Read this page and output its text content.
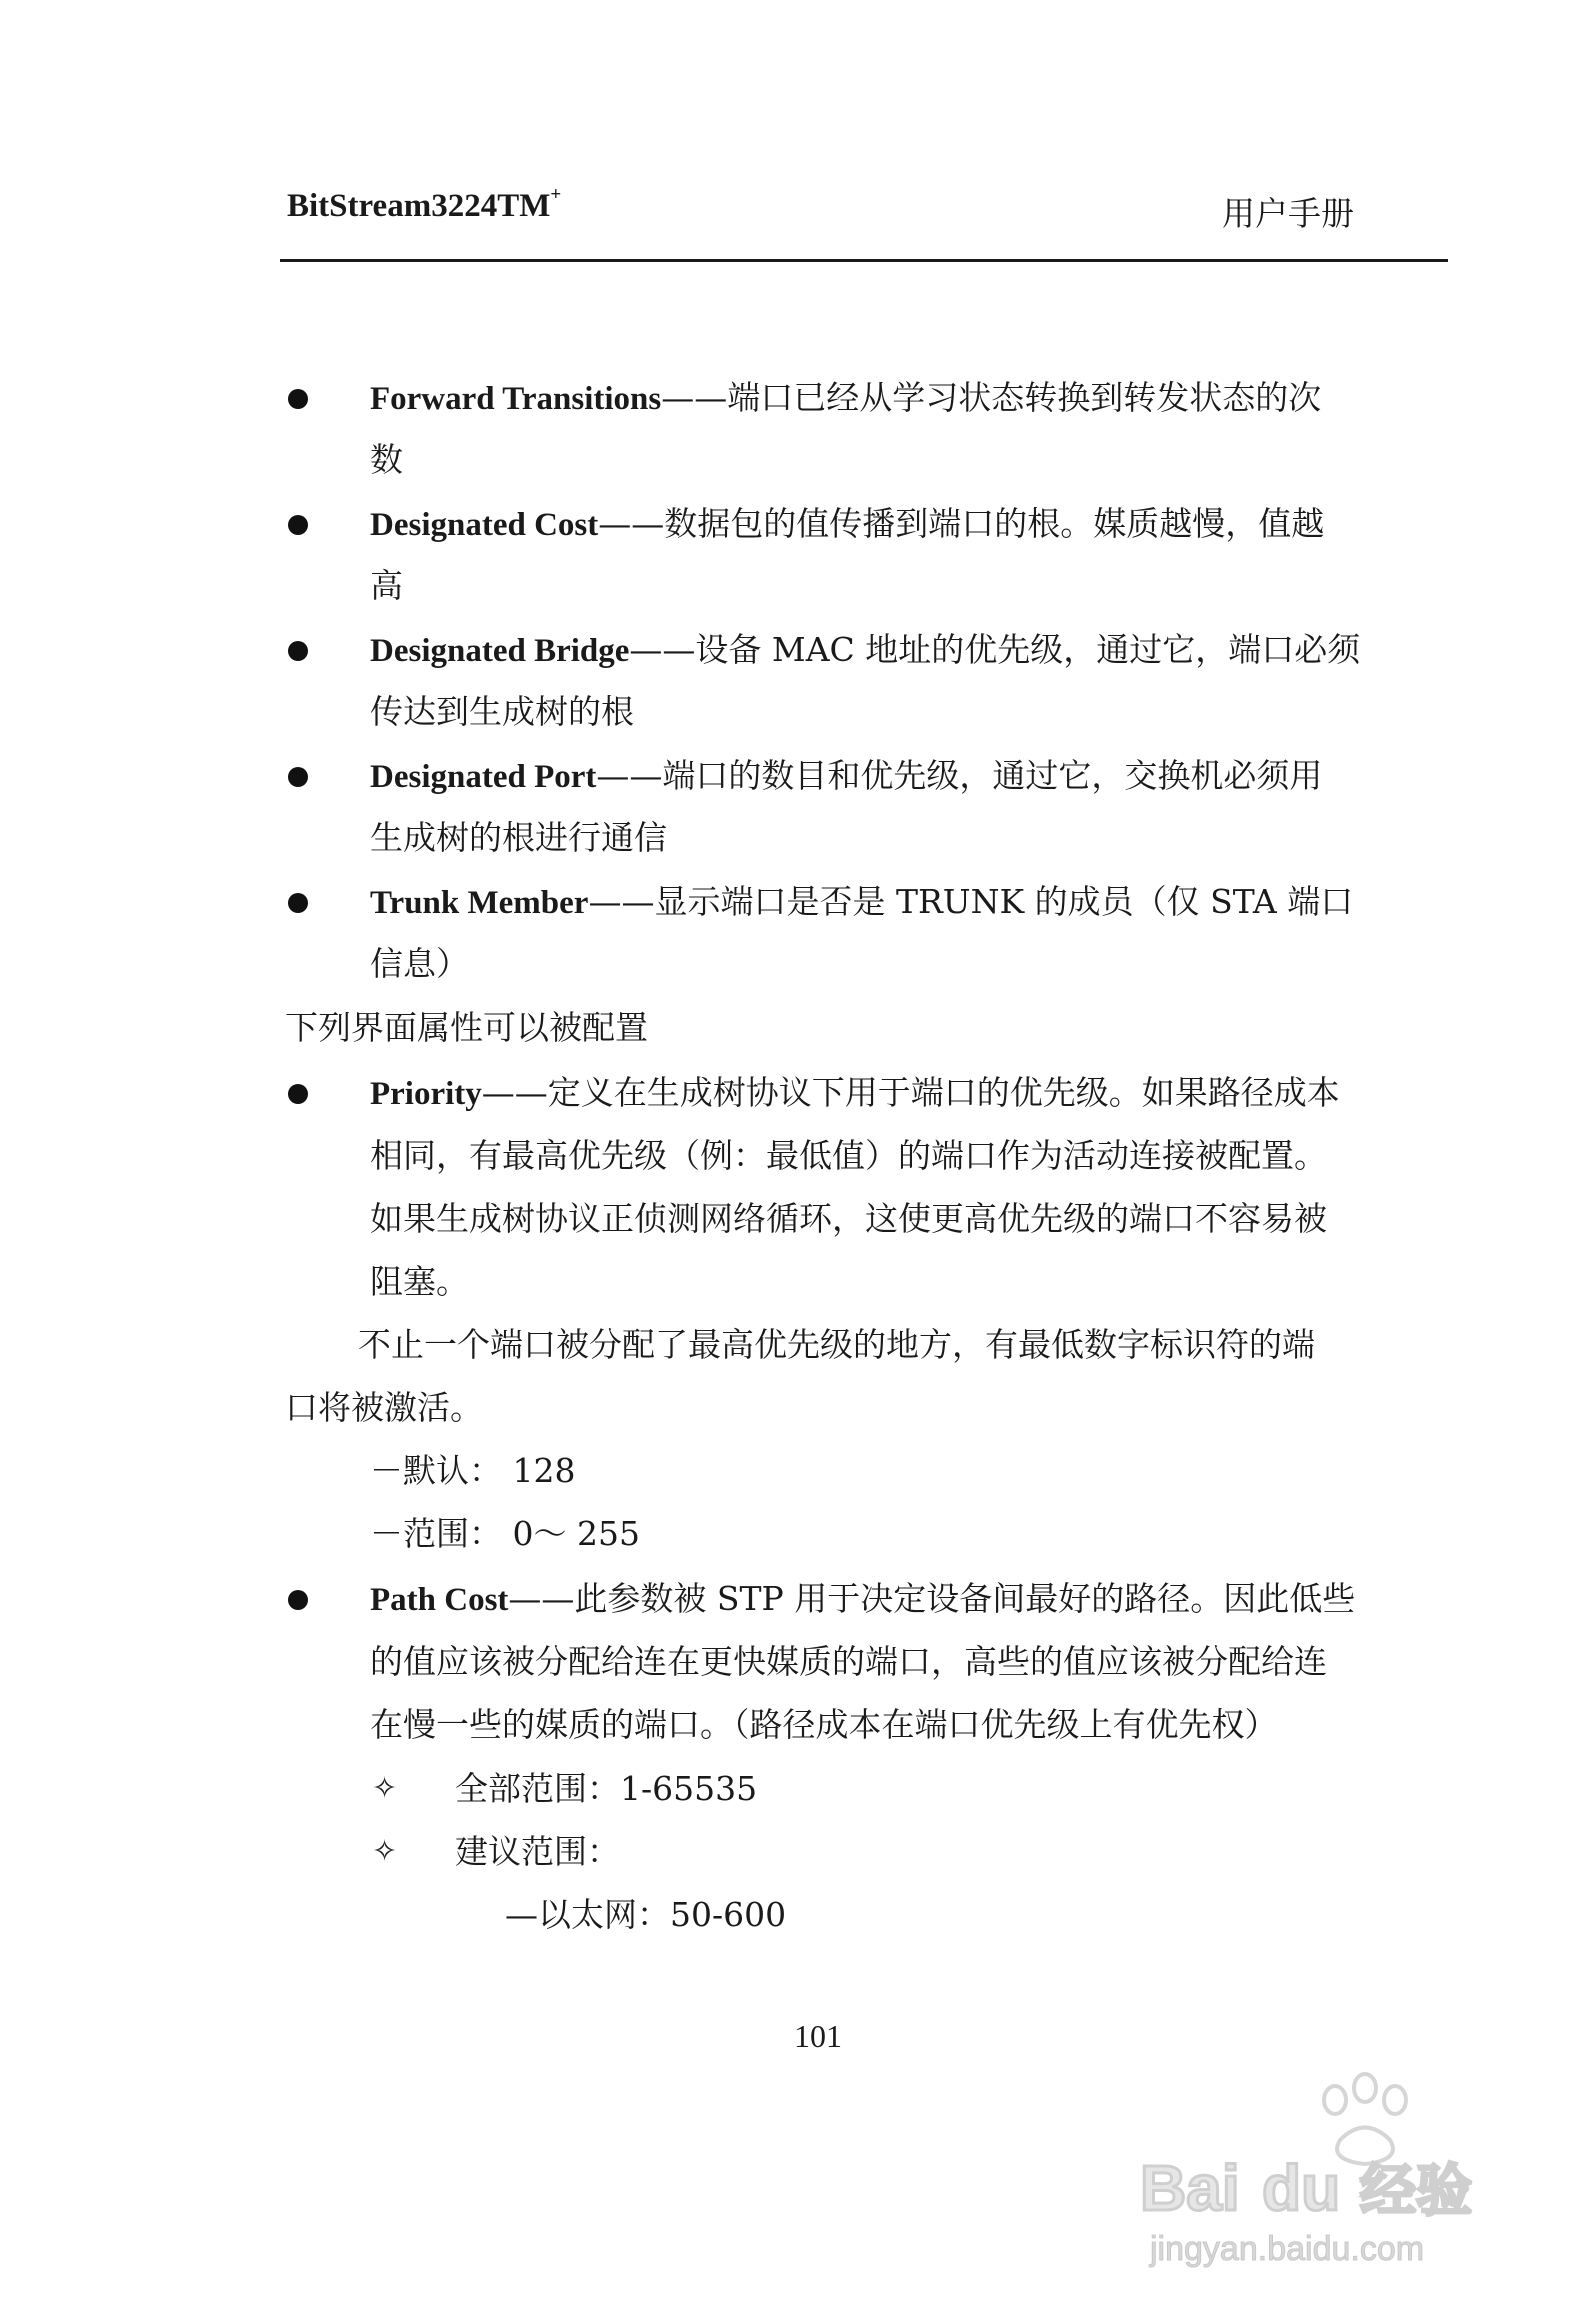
BitStream3224TM+	用户手册
Forward Transitions——端口已经从学习状态转换到转发状态的次
数
Designated Cost——数据包的值传播到端口的根。媒质越慢，值越
高
Designated Bridge——设备 MAC 地址的优先级，通过它，端口必须
传达到生成树的根
Designated Port——端口的数目和优先级，通过它，交换机必须用
生成树的根进行通信
Trunk Member——显示端口是否是 TRUNK 的成员（仅 STA 端口
信息）
下列界面属性可以被配置
Priority——定义在生成树协议下用于端口的优先级。如果路径成本
相同，有最高优先级（例：最低值）的端口作为活动连接被配置。
如果生成树协议正侦测网络循环，这使更高优先级的端口不容易被
阻塞。
不止一个端口被分配了最高优先级的地方，有最低数字标识符的端
口将被激活。
－默认： 128
－范围： 0～ 255
Path Cost——此参数被 STP 用于决定设备间最好的路径。因此低些
的值应该被分配给连在更快媒质的端口，高些的值应该被分配给连
在慢一些的媒质的端口。（路径成本在端口优先级上有优先权）
✧ 全部范围：1-65535
✧ 建议范围：
—以太网：50-600
101
Bai du 经验
jingyan.baidu.com
